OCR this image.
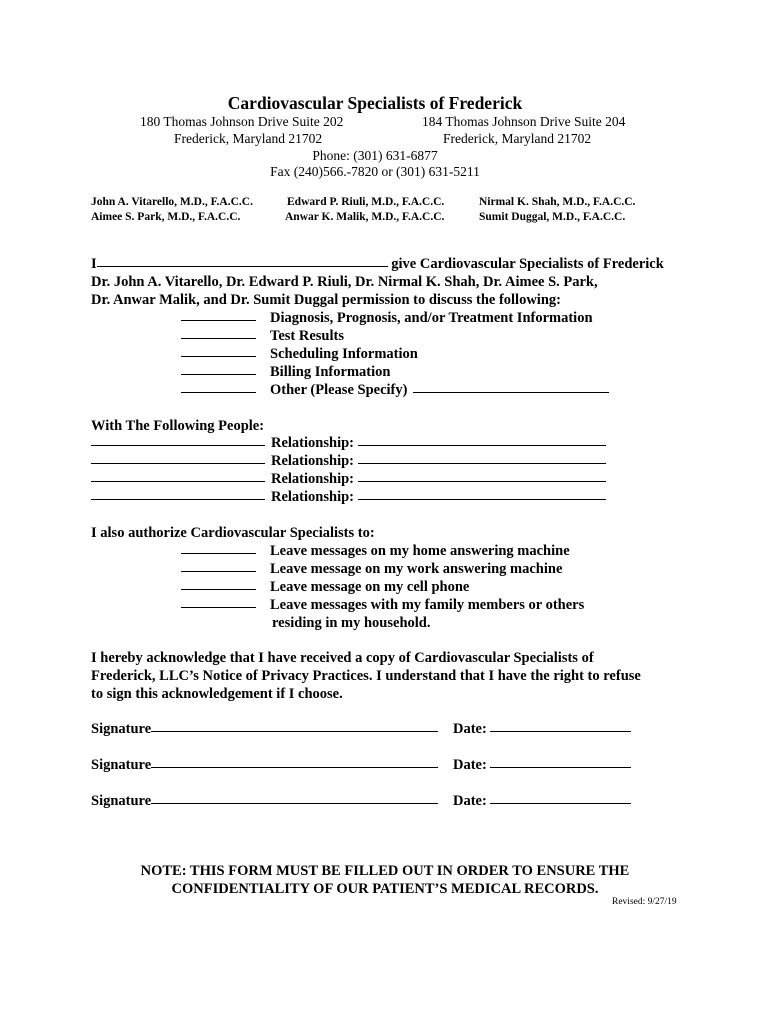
Cardiovascular Specialists of Frederick
180 Thomas Johnson Drive Suite 202
Frederick, Maryland 21702
184 Thomas Johnson Drive Suite 204
Frederick, Maryland 21702
Phone: (301) 631-6877
Fax (240)566.-7820 or (301) 631-5211
John A. Vitarello, M.D., F.A.C.C.	Edward P. Riuli, M.D., F.A.C.C.	Nirmal K. Shah, M.D., F.A.C.C.
Aimee S. Park, M.D., F.A.C.C.	Anwar K. Malik, M.D., F.A.C.C.	Sumit Duggal, M.D., F.A.C.C.
I	give Cardiovascular Specialists of Frederick
Dr. John A. Vitarello, Dr. Edward P. Riuli, Dr. Nirmal K. Shah, Dr. Aimee S. Park,
Dr. Anwar Malik, and Dr. Sumit Duggal permission to discuss the following:
Diagnosis, Prognosis, and/or Treatment Information
Test Results
Scheduling Information
Billing Information
Other (Please Specify)
With The Following People:
Relationship:
Relationship:
Relationship:
Relationship:
I also authorize Cardiovascular Specialists to:
Leave messages on my home answering machine
Leave message on my work answering machine
Leave message on my cell phone
Leave messages with my family members or others
residing in my household.
I hereby acknowledge that I have received a copy of Cardiovascular Specialists of
Frederick, LLC’s Notice of Privacy Practices. I understand that I have the right to refuse
to sign this acknowledgement if I choose.
Signature	Date:
Signature	Date:
Signature	Date:
NOTE: THIS FORM MUST BE FILLED OUT IN ORDER TO ENSURE THE
CONFIDENTIALITY OF OUR PATIENT’S MEDICAL RECORDS.
Revised: 9/27/19
